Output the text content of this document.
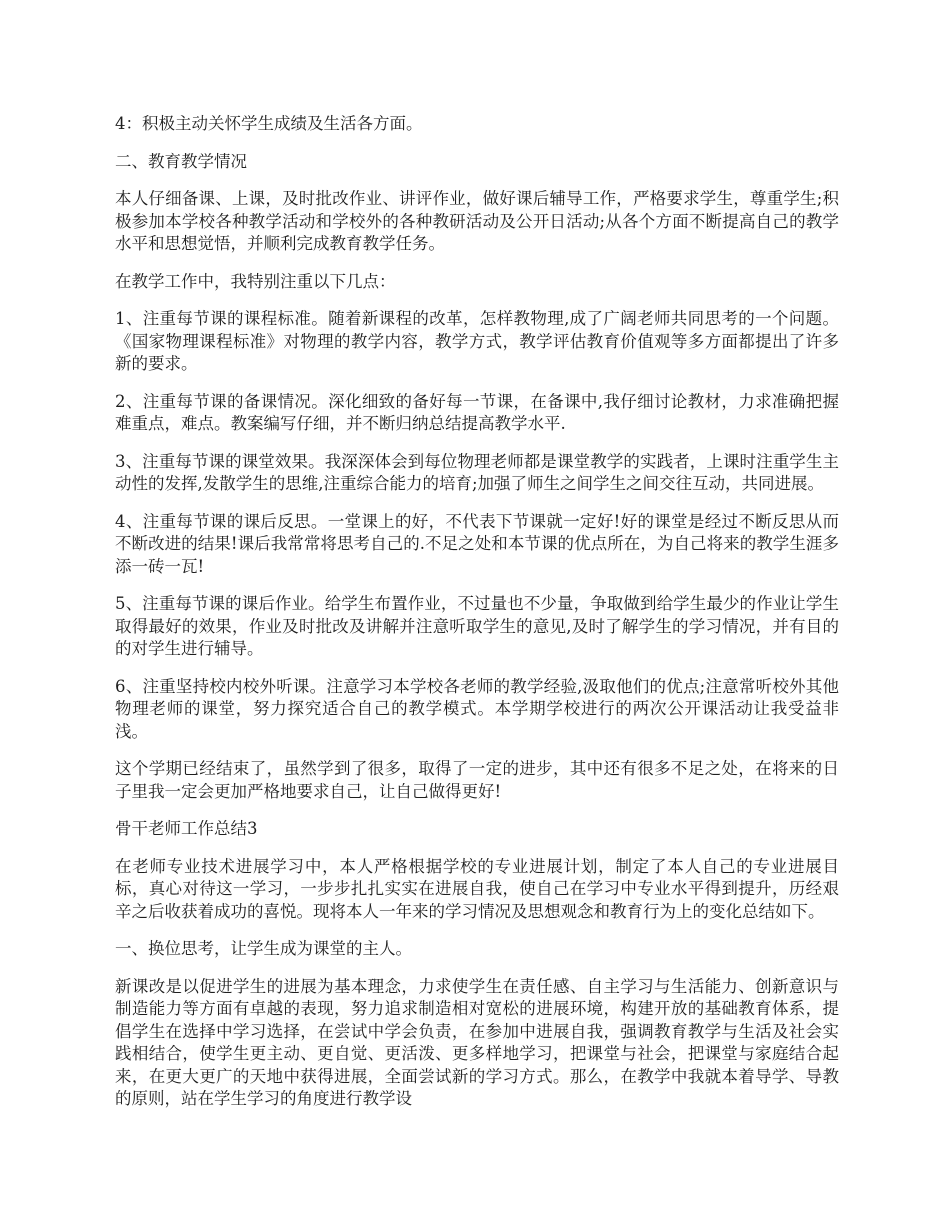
4：积极主动关怀学生成绩及生活各方面。

二、教育教学情况

本人仔细备课、上课，及时批改作业、讲评作业，做好课后辅导工作，严格要求学生，尊重学生;积极参加本学校各种教学活动和学校外的各种教研活动及公开日活动;从各个方面不断提高自己的教学水平和思想觉悟，并顺利完成教育教学任务。

在教学工作中，我特别注重以下几点：

1、注重每节课的课程标准。随着新课程的改革，怎样教物理,成了广阔老师共同思考的一个问题。《国家物理课程标准》对物理的教学内容，教学方式，教学评估教育价值观等多方面都提出了许多新的要求。

2、注重每节课的备课情况。深化细致的备好每一节课，在备课中,我仔细讨论教材，力求准确把握难重点，难点。教案编写仔细，并不断归纳总结提高教学水平.

3、注重每节课的课堂效果。我深深体会到每位物理老师都是课堂教学的实践者，上课时注重学生主动性的发挥,发散学生的思维,注重综合能力的培育;加强了师生之间学生之间交往互动，共同进展。

4、注重每节课的课后反思。一堂课上的好，不代表下节课就一定好!好的课堂是经过不断反思从而不断改进的结果!课后我常常将思考自己的.不足之处和本节课的优点所在，为自己将来的教学生涯多添一砖一瓦!

5、注重每节课的课后作业。给学生布置作业，不过量也不少量，争取做到给学生最少的作业让学生取得最好的效果，作业及时批改及讲解并注意听取学生的意见,及时了解学生的学习情况，并有目的的对学生进行辅导。

6、注重坚持校内校外听课。注意学习本学校各老师的教学经验,汲取他们的优点;注意常听校外其他物理老师的课堂，努力探究适合自己的教学模式。本学期学校进行的两次公开课活动让我受益非浅。

这个学期已经结束了，虽然学到了很多，取得了一定的进步，其中还有很多不足之处，在将来的日子里我一定会更加严格地要求自己，让自己做得更好!

骨干老师工作总结3

在老师专业技术进展学习中，本人严格根据学校的专业进展计划，制定了本人自己的专业进展目标，真心对待这一学习，一步步扎扎实实在进展自我，使自己在学习中专业水平得到提升，历经艰辛之后收获着成功的喜悦。现将本人一年来的学习情况及思想观念和教育行为上的变化总结如下。

一、换位思考，让学生成为课堂的主人。

新课改是以促进学生的进展为基本理念，力求使学生在责任感、自主学习与生活能力、创新意识与制造能力等方面有卓越的表现，努力追求制造相对宽松的进展环境，构建开放的基础教育体系，提倡学生在选择中学习选择，在尝试中学会负责，在参加中进展自我，强调教育教学与生活及社会实践相结合，使学生更主动、更自觉、更活泼、更多样地学习，把课堂与社会，把课堂与家庭结合起来，在更大更广的天地中获得进展，全面尝试新的学习方式。那么，在教学中我就本着导学、导教的原则，站在学生学习的角度进行教学设
